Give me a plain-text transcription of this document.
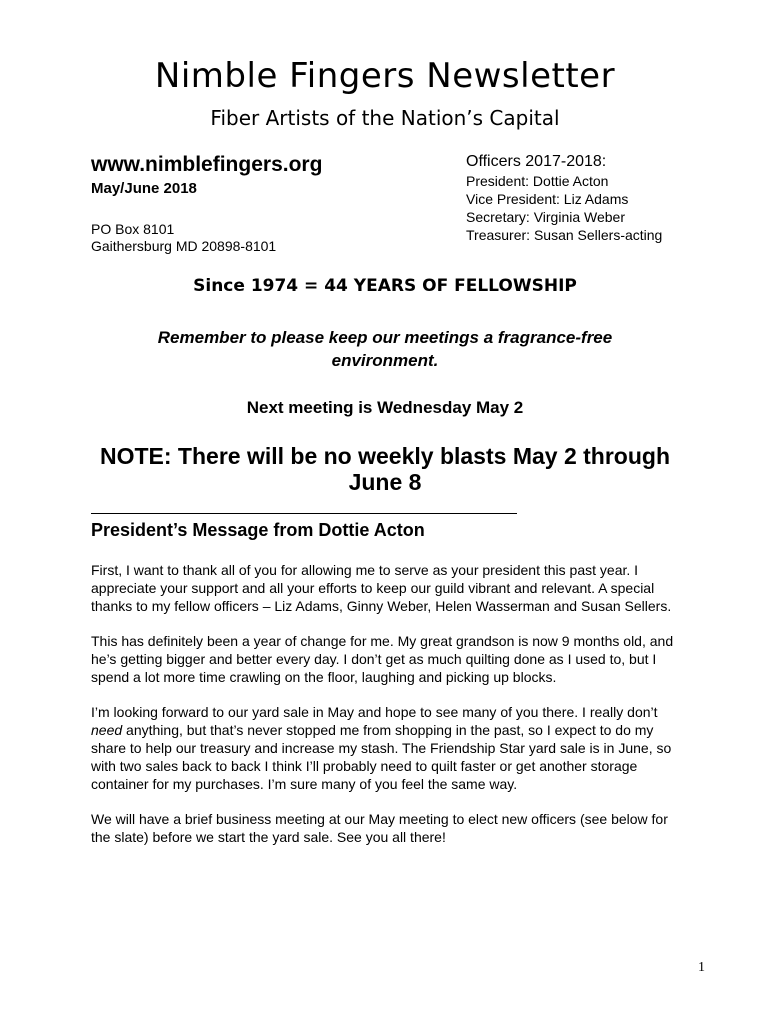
Nimble Fingers Newsletter
Fiber Artists of the Nation’s Capital
www.nimblefingers.org
May/June 2018
PO Box 8101
Gaithersburg MD 20898-8101
Officers 2017-2018:
President: Dottie Acton
Vice President: Liz Adams
Secretary: Virginia Weber
Treasurer: Susan Sellers-acting
Since 1974 = 44 YEARS OF FELLOWSHIP
Remember to please keep our meetings a fragrance-free environment.
Next meeting is Wednesday May 2
NOTE: There will be no weekly blasts May 2 through June 8
President’s Message from Dottie Acton

First, I want to thank all of you for allowing me to serve as your president this past year. I appreciate your support and all your efforts to keep our guild vibrant and relevant. A special thanks to my fellow officers – Liz Adams, Ginny Weber, Helen Wasserman and Susan Sellers.

This has definitely been a year of change for me. My great grandson is now 9 months old, and he’s getting bigger and better every day. I don’t get as much quilting done as I used to, but I spend a lot more time crawling on the floor, laughing and picking up blocks.

I’m looking forward to our yard sale in May and hope to see many of you there. I really don’t need anything, but that’s never stopped me from shopping in the past, so I expect to do my share to help our treasury and increase my stash. The Friendship Star yard sale is in June, so with two sales back to back I think I’ll probably need to quilt faster or get another storage container for my purchases. I’m sure many of you feel the same way.

We will have a brief business meeting at our May meeting to elect new officers (see below for the slate) before we start the yard sale. See you all there!

1
